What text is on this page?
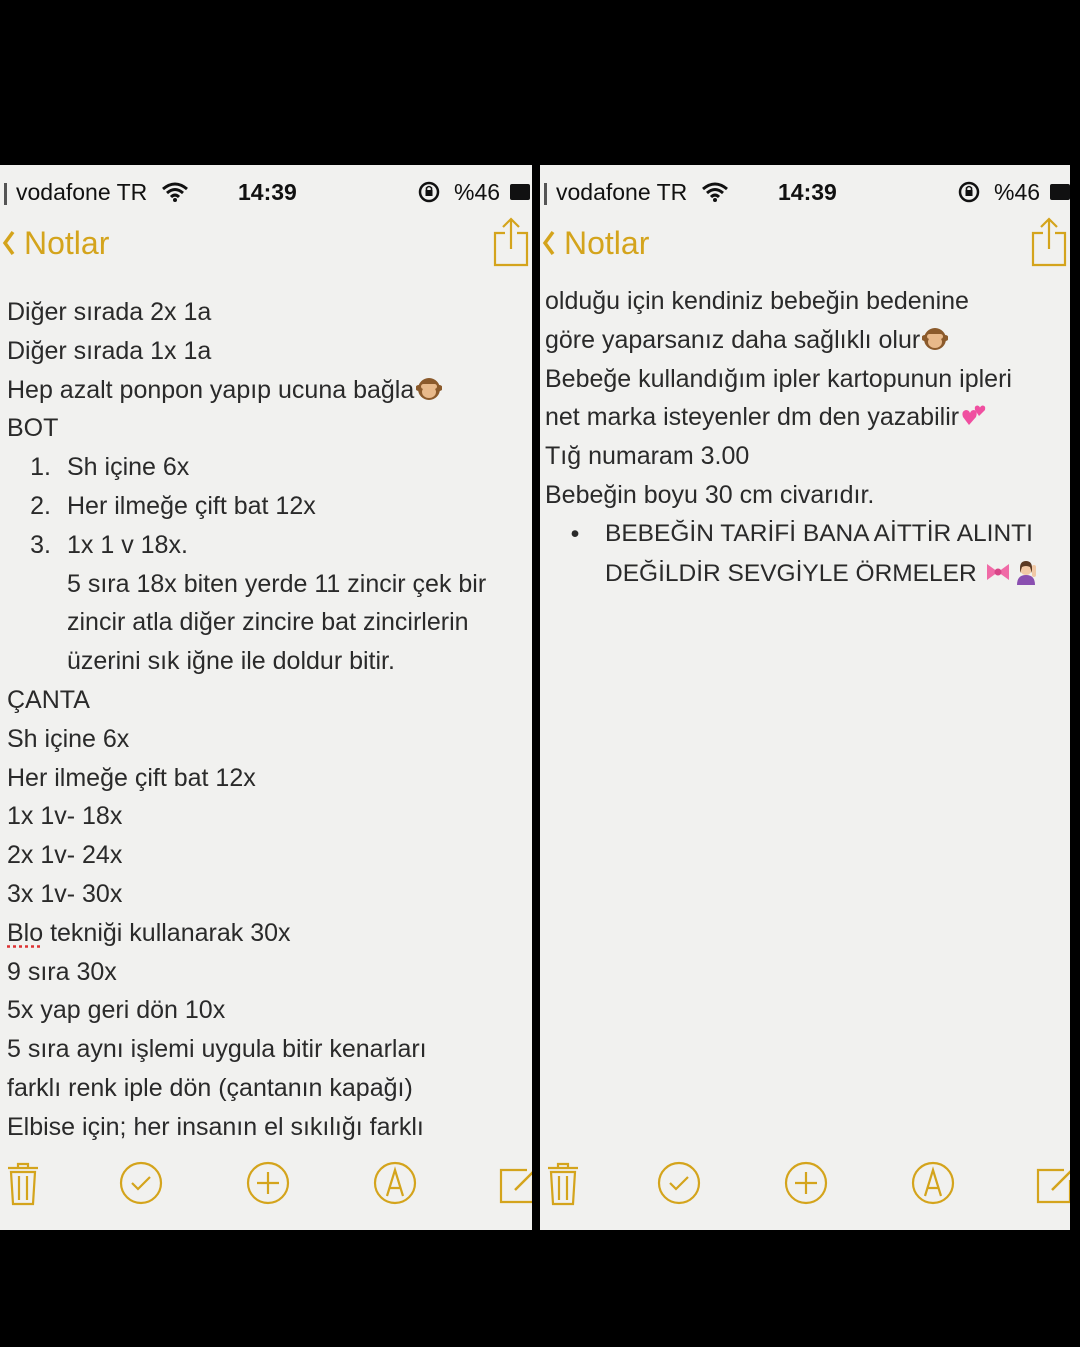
vodafone TR	14:39	%46
Notlar
Diğer sırada 2x 1a
Diğer sırada 1x 1a
Hep azalt ponpon yapıp ucuna bağla
BOT
1. Sh içine 6x
2. Her ilmeğe çift bat 12x
3. 1x 1 v 18x.
5 sıra 18x biten yerde 11 zincir çek bir
zincir atla diğer zincire bat zincirlerin
üzerini sık iğne ile doldur bitir.
ÇANTA
Sh içine 6x
Her ilmeğe çift bat 12x
1x 1v- 18x
2x 1v- 24x
3x 1v- 30x
Blo tekniği kullanarak 30x
9 sıra 30x
5x yap geri dön 10x
5 sıra aynı işlemi uygula bitir kenarları
farklı renk iple dön (çantanın kapağı)
Elbise için; her insanın el sıkılığı farklı
vodafone TR	14:39	%46
Notlar
olduğu için kendiniz bebeğin bedenine
göre yaparsanız daha sağlıklı olur
Bebeğe kullandığım ipler kartopunun ipleri
net marka isteyenler dm den yazabilir
Tığ numaram 3.00
Bebeğin boyu 30 cm civarıdır.
•	BEBEĞİN TARİFİ BANA AİTTİR ALINTI
DEĞİLDİR SEVGİYLE ÖRMELER
